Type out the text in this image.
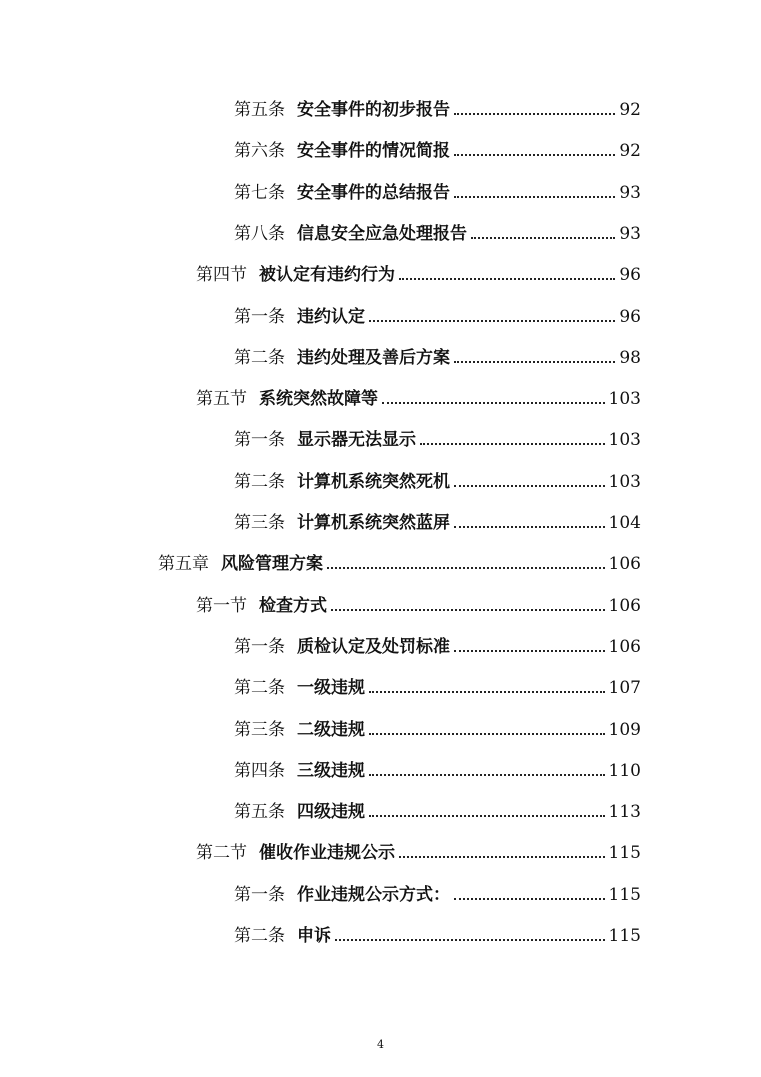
第五条 安全事件的初步报告	92
第六条 安全事件的情况简报	92
第七条 安全事件的总结报告	93
第八条 信息安全应急处理报告	93
第四节 被认定有违约行为	96
第一条 违约认定	96
第二条 违约处理及善后方案	98
第五节 系统突然故障等	103
第一条 显示器无法显示	103
第二条 计算机系统突然死机	103
第三条 计算机系统突然蓝屏	104
第五章 风险管理方案	106
第一节 检查方式	106
第一条 质检认定及处罚标准	106
第二条 一级违规	107
第三条 二级违规	109
第四条 三级违规	110
第五条 四级违规	113
第二节 催收作业违规公示	115
第一条 作业违规公示方式：	115
第二条 申诉	115
4
